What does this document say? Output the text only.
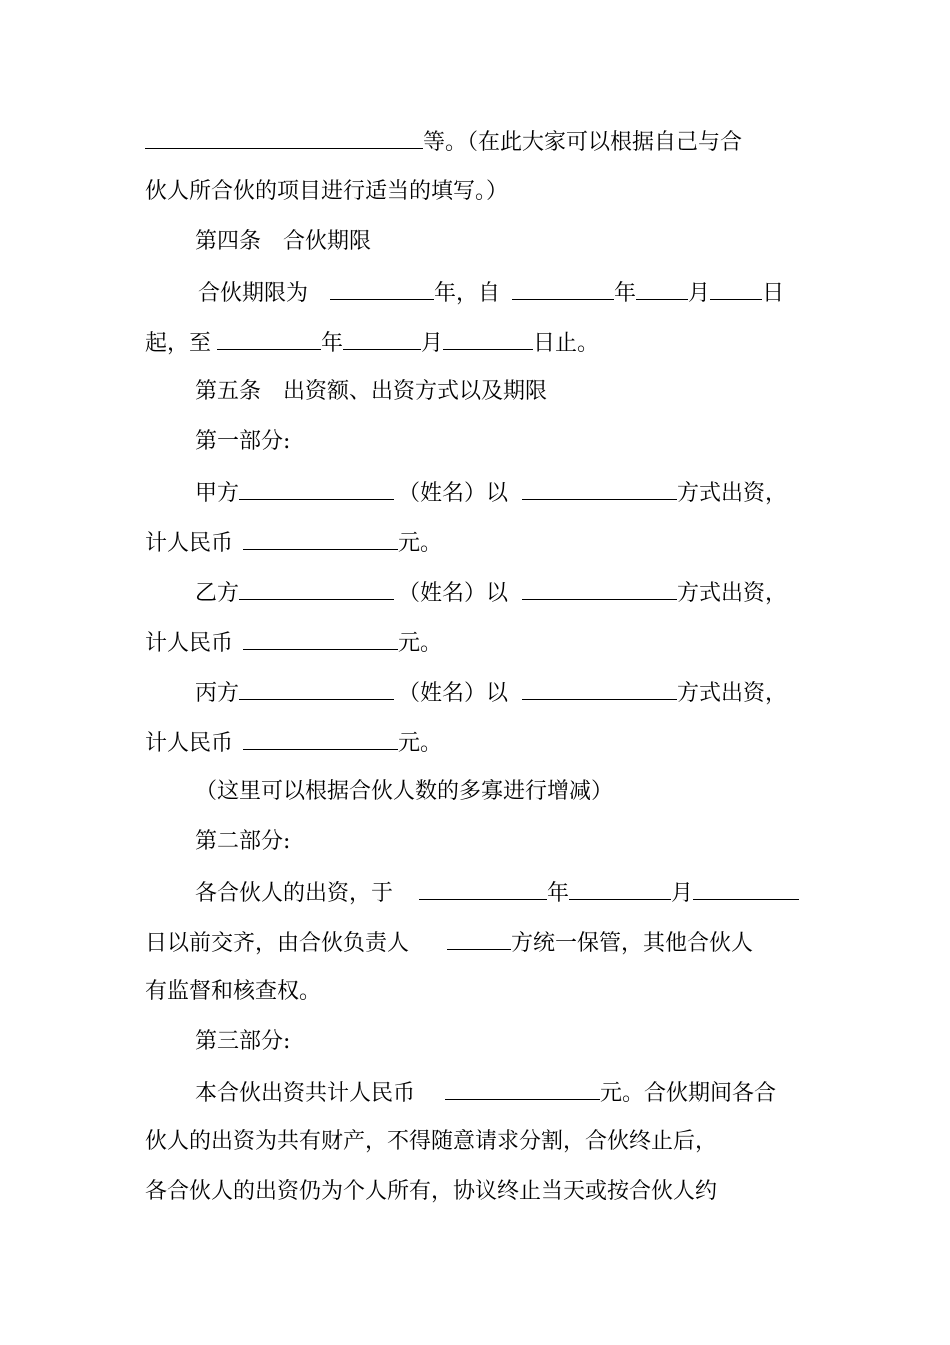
等。（在此大家可以根据自己与合
伙人所合伙的项目进行适当的填写。）
第四条　合伙期限
合伙期限为	年，自	年 月 日
起，至	年	月	日止。
第五条　出资额、出资方式以及期限
第一部分:
甲方	（姓名）以	方式出资，
计人民币	元。
乙方	（姓名）以	方式出资，
计人民币	元。
丙方	（姓名）以	方式出资，
计人民币	元。
（这里可以根据合伙人数的多寡进行增减）
第二部分:
各合伙人的出资，于	年	月
日以前交齐，由合伙负责人	方统一保管，其他合伙人
有监督和核查权。
第三部分:
本合伙出资共计人民币	元。合伙期间各合
伙人的出资为共有财产，不得随意请求分割，合伙终止后，
各合伙人的出资仍为个人所有，协议终止当天或按合伙人约
